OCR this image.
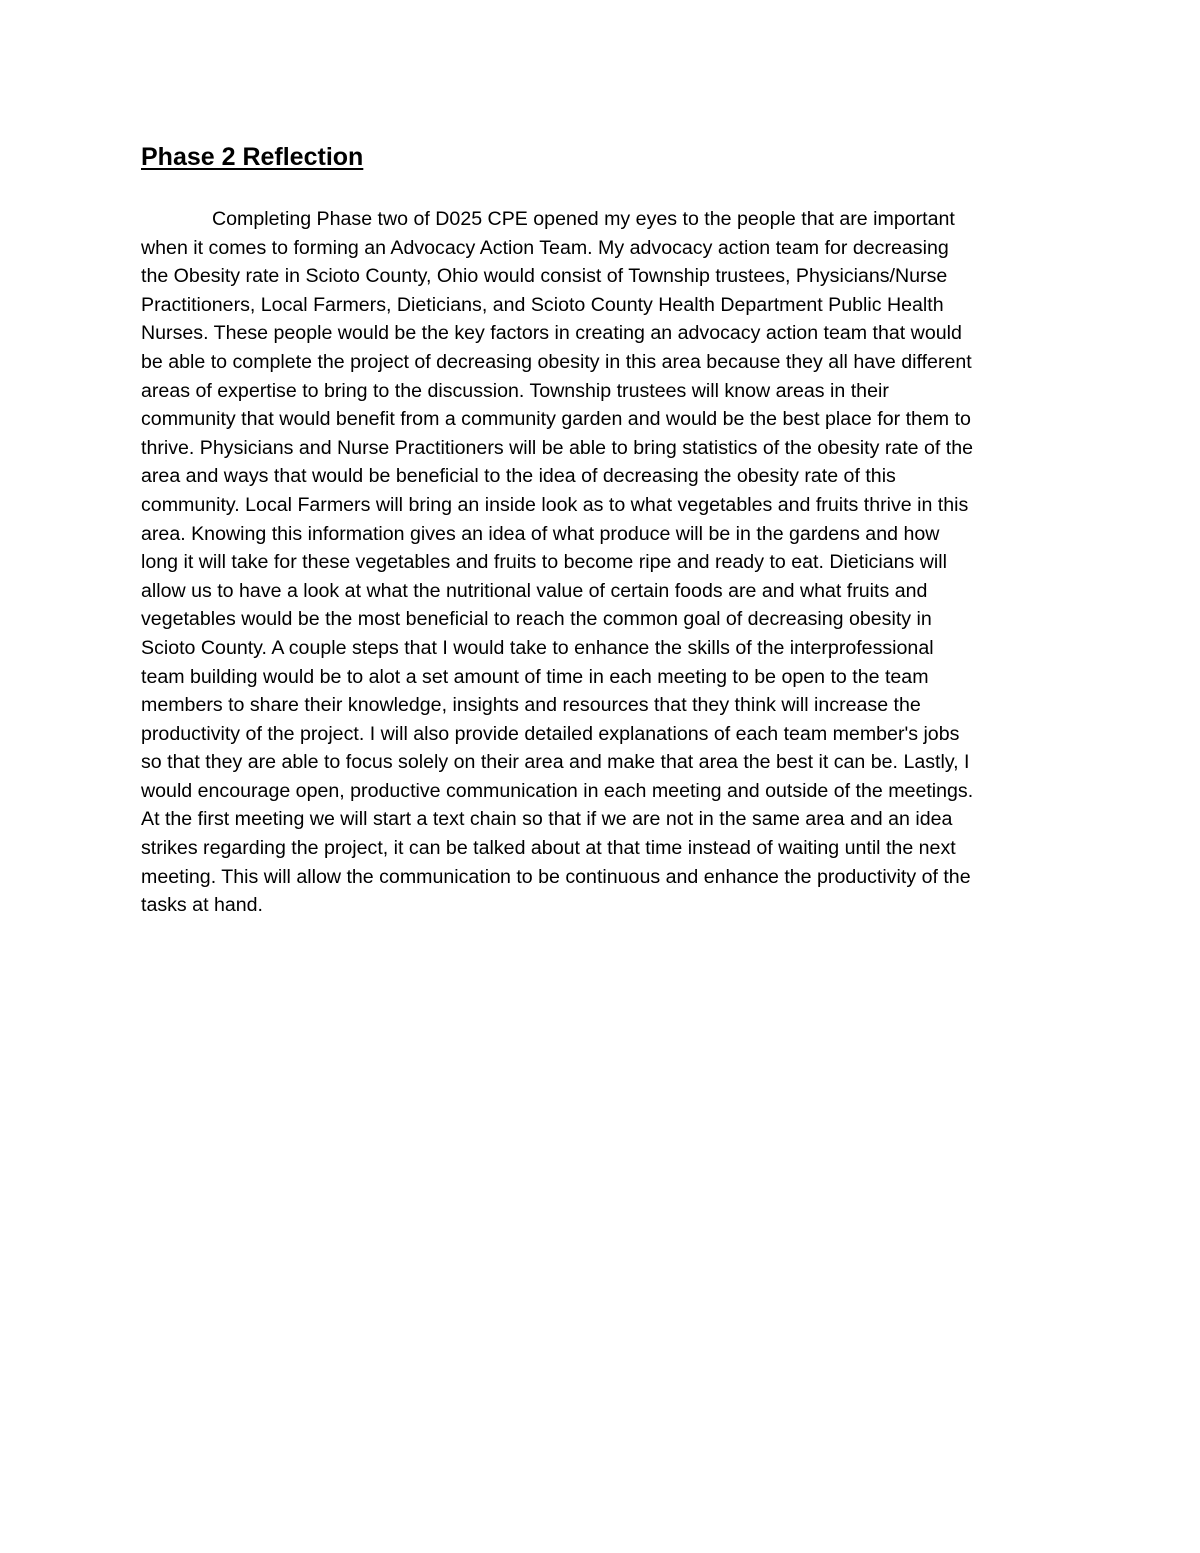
Phase 2 Reflection
Completing Phase two of D025 CPE opened my eyes to the people that are important
when it comes to forming an Advocacy Action Team. My advocacy action team for decreasing
the Obesity rate in Scioto County, Ohio would consist of Township trustees, Physicians/Nurse
Practitioners, Local Farmers, Dieticians, and Scioto County Health Department Public Health
Nurses. These people would be the key factors in creating an advocacy action team that would
be able to complete the project of decreasing obesity in this area because they all have different
areas of expertise to bring to the discussion. Township trustees will know areas in their
community that would benefit from a community garden and would be the best place for them to
thrive. Physicians and Nurse Practitioners will be able to bring statistics of the obesity rate of the
area and ways that would be beneficial to the idea of decreasing the obesity rate of this
community. Local Farmers will bring an inside look as to what vegetables and fruits thrive in this
area. Knowing this information gives an idea of what produce will be in the gardens and how
long it will take for these vegetables and fruits to become ripe and ready to eat. Dieticians will
allow us to have a look at what the nutritional value of certain foods are and what fruits and
vegetables would be the most beneficial to reach the common goal of decreasing obesity in
Scioto County. A couple steps that I would take to enhance the skills of the interprofessional
team building would be to alot a set amount of time in each meeting to be open to the team
members to share their knowledge, insights and resources that they think will increase the
productivity of the project. I will also provide detailed explanations of each team member's jobs
so that they are able to focus solely on their area and make that area the best it can be. Lastly, I
would encourage open, productive communication in each meeting and outside of the meetings.
At the first meeting we will start a text chain so that if we are not in the same area and an idea
strikes regarding the project, it can be talked about at that time instead of waiting until the next
meeting. This will allow the communication to be continuous and enhance the productivity of the
tasks at hand.
